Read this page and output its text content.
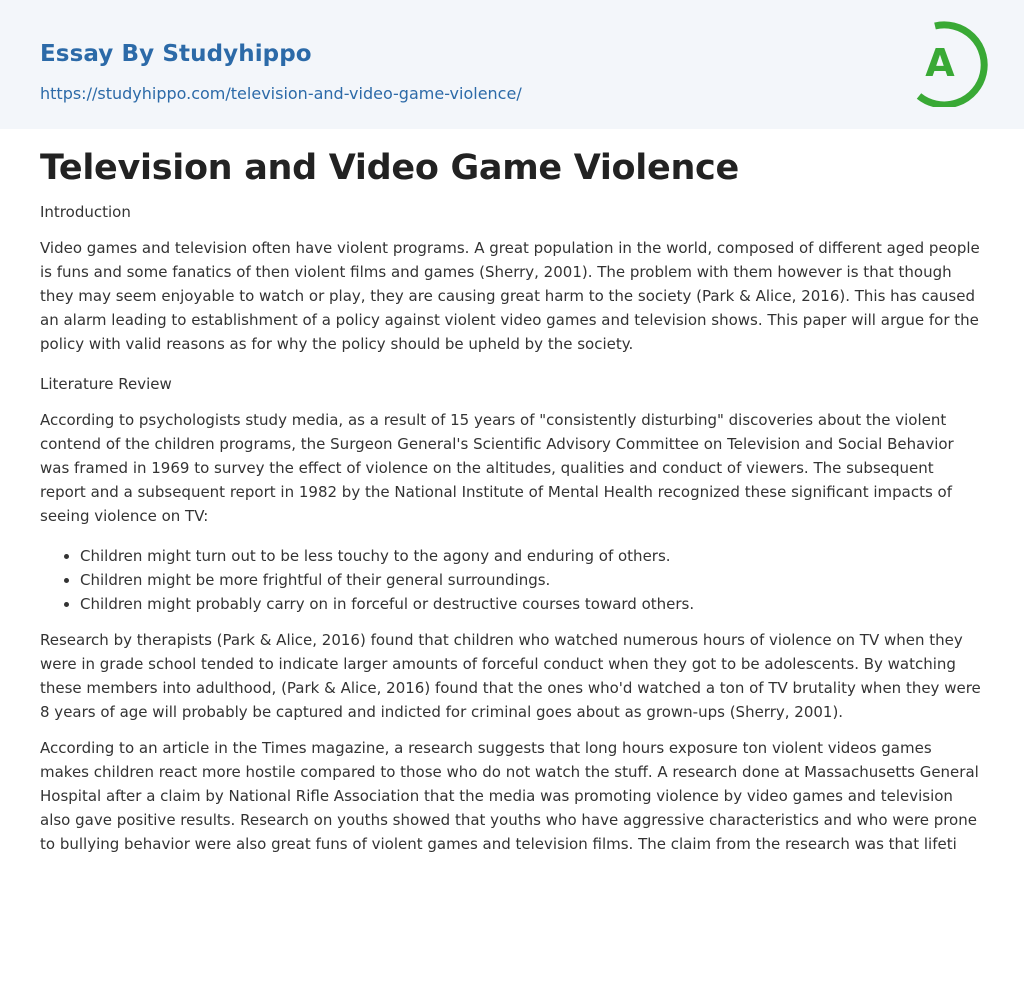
Essay By Studyhippo
https://studyhippo.com/television-and-video-game-violence/
A
Television and Video Game Violence
Introduction

Video games and television often have violent programs. A great population in the world, composed of different aged people is funs and some fanatics of then violent films and games (Sherry, 2001). The problem with them however is that though they may seem enjoyable to watch or play, they are causing great harm to the society (Park & Alice, 2016). This has caused an alarm leading to establishment of a policy against violent video games and television shows. This paper will argue for the policy with valid reasons as for why the policy should be upheld by the society.

Literature Review

According to psychologists study media, as a result of 15 years of "consistently disturbing" discoveries about the violent contend of the children programs, the Surgeon General's Scientific Advisory Committee on Television and Social Behavior was framed in 1969 to survey the effect of violence on the altitudes, qualities and conduct of viewers. The subsequent report and a subsequent report in 1982 by the National Institute of Mental Health recognized these significant impacts of seeing violence on TV:

• Children might turn out to be less touchy to the agony and enduring of others.
• Children might be more frightful of their general surroundings.
• Children might probably carry on in forceful or destructive courses toward others.

Research by therapists (Park & Alice, 2016) found that children who watched numerous hours of violence on TV when they were in grade school tended to indicate larger amounts of forceful conduct when they got to be adolescents. By watching these members into adulthood, (Park & Alice, 2016) found that the ones who'd watched a ton of TV brutality when they were 8 years of age will probably be captured and indicted for criminal goes about as grown-ups (Sherry, 2001).

According to an article in the Times magazine, a research suggests that long hours exposure ton violent videos games makes children react more hostile compared to those who do not watch the stuff. A research done at Massachusetts General Hospital after a claim by National Rifle Association that the media was promoting violence by video games and television also gave positive results. Research on youths showed that youths who have aggressive characteristics and who were prone to bullying behavior were also great funs of violent games and television films. The claim from the research was that lifeti
